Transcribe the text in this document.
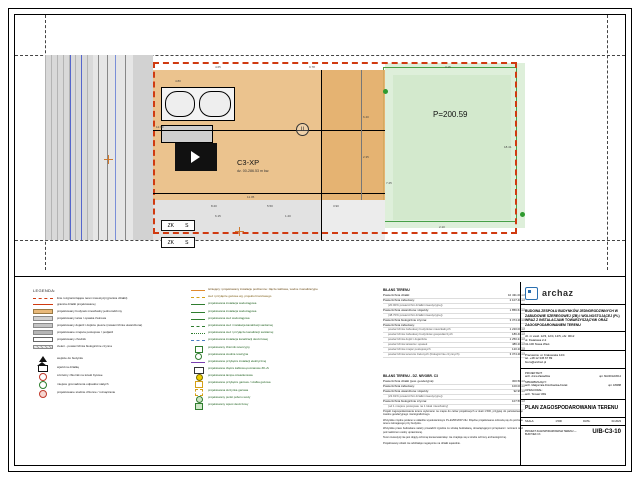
C3-XP
dz. 00-286.53 m kw.
P=200.59
II
9.78
4.65	3.15
12.60
6.40
2.35
18.41
11.05
8.20	5.50	3.90
7.25
2.10
4.80
6.15	1.20
ZK S
ZK S
LEGENDA:
linie rozgraniczające teren inwestycji (granica działki)
granica działki projektowanej
projektowany budynek mieszkalny jednorodzinny
projektowany taras / opaska żwirowa
projektowany dojazd i dojście piesze (nawierzchnia utwardzona)
projektowane miejsca postojowe / podjazd
projektowany chodnik
zieleń - powierzchnia biologicznie czynna
wejście do budynku
wjazd na działkę
szczelny zbiornik na ścieki bytowe
miejsce gromadzenia odpadów stałych
projektowane studnie chłonne / rozsączanie
istniejący i projektowany instalacje podziemne: złącze kablowe, wodne i kanalizacyjne
sieć i przyłącze gazowe wg. projektu branżowego
projektowana instalacja wodociągowa
projektowana instalacja wodociągowa
projektowana sieć wodociągowa
projektowana sieć i instalacja kanalizacji sanitarnej
projektowana sieć / przyłącze kanalizacji sanitarnej
projektowana instalacja kanalizacji deszczowej
projektowany zbiornik retencyjny
projektowana studnia rewizyjna
projektowane przyłącze instalacji elektrycznej
projektowane złącze kablowo-pomiarowe ZK+S
projektowana lampa oświetleniowa
projektowane przyłącze gazowe / szafka gazowa
projektowana skrzynka gazowa
projektowany punkt poboru wody
projektowany wpust deszczowy
BILANS TERENU
Powierzchnia działki:	10 431.00 m²
Powierzchnia zabudowy:	2 107.40 m²
(20.00% powierzchni działki inwestycyjnej)
Powierzchnia utwardzona i dojazdy:	1 856.64 m²
(48.70% powierzchni działki inwestycyjnej)
Powierzchnia biologicznie czynna:	3 374.28 m²
Powierzchnia zabudowy:
powierzchnia zabudowy budynków mieszkalnych	1 220.00 m²
powierzchnia zabudowy budynków gospodarczych	186.40 m²
powierzchnia dojść i dojazdów	1 250.24 m²
powierzchnia tarasów i opasek	486.20 m²
powierzchnia miejsc postojowych	120.20 m²
powierzchnia terenów zielonych (biologicznie czynnych)	3 374.28 m²
BILANS TERENU - DZ. NR/OBR. C3
Powierzchnia działki (pow. geodezyjna):	300.58 m²
Powierzchnia zabudowy:	100.00 m²
Powierzchnia utwardzona i dojazdy:	92.99 m²
(22.91% powierzchni działki inwestycyjnej)
Powierzchnia biologicznie czynna:	107.59 m²
(od 1 miejsce postojowe na 1 lokal mieszkalny)

Projekt zagospodarowania terenu wykonano na mapie do celów projektowych w skali 1:500, przyjętej do państwowego zasobu geodezyjnego i kartograficznego.

Wszystkie rzędne podano w układzie wysokościowym PL-EVRF2007-NH. Rzędne projektowane odnoszą się do poziomu terenu istniejącego przy budynku.

Wszystkie prace budowlane należy prowadzić zgodnie ze sztuką budowlaną, obowiązującymi przepisami i normami oraz pod nadzorem osoby uprawnionej.

Teren inwestycji nie jest objęty ochroną konserwatorską i nie znajduje się w strefie ochrony archeologicznej.

Projektowany obiekt nie oddziałuje negatywnie na działki sąsiednie.

archaz
BUDOWA ZESPOŁU BUDYNKÓW JEDNORODZINNYCH W ZABUDOWIE SZEREGOWEJ (ZB) I WOLNOSTOJĄCEJ (PL) WRAZ Z INSTALACJAMI TOWARZYSZĄCYMI ORAZ ZAGOSPODAROWANIEM TERENU
dz. nr ewid. 12/3, 12/4, 12/5, obr. 0012
ul. Kwiatowa 2-2
41-100 Nowa Wieś
Pracownia: ul. Krakowska 12/4
tel. +48 12 345 67 89
biuro@archaz.pl
PROJEKTANT:
arch. Anna Zawadzka	upr. MA/0012/2014
SPRAWDZAJĄCY:
arch. Małgorzata Drozdowska-Kozak	upr. 189/88
OPRACOWAŁ:
arch. Tomasz Wilk
PLAN ZAGOSPODAROWANIA TERENU
SKALA:	1:500	DATA:	03.2023
PROJEKT ZAGOSPODAROWANIA TERENU — BUDYNEK C3	U/B-C3-10
